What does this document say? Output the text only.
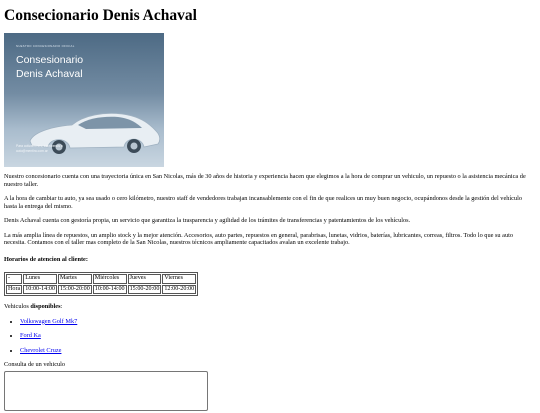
Consecionario Denis Achaval
NUESTRO CONCESIONARIO OFICIAL
Consesionario
Denis Achaval
Para cotizaciones, escríbenos a
auto@mentira.com.ar

Nuestro concesionario cuenta con una trayectoria única en San Nicolas, más de 30 años de historia y experiencia hacen que elegimos a la hora de comprar un vehiculo, un repuesto o la asistencia mecánica de nuestro taller.

A la hora de cambiar tu auto, ya sea usado o cero kilómetro, nuestro staff de vendedores trabajan incansablemente con el fin de que realices un muy buen negocio, ocupándonos desde la gestión del vehículo hasta la entrega del mismo.

Denis Achaval cuenta con gestoría propia, un servicio que garantiza la trasparencia y agilidad de los trámites de transferencias y patentamientos de los vehículos.

La más amplia línea de repuestos, un amplio stock y la mejor atención. Accesorios, auto partes, repuestos en general, parabrisas, lunetas, vidrios, baterías, lubricantes, correas, filtros. Todo lo que su auto necesita. Contamos con el taller mas completo de la San Nicolas, nuestros técnicos ampliamente capacitados avalan un excelente trabajo.

Horarios de atencion al cliente:
-	Lunes	Martes	Miércoles	Jueves	Viernes
Hora	10:00-14:00	15:00-20:00	10:00-14:00	15:00-20:00	12:00-20:00

Vehiculos disponibles:

• Volkswagen Golf Mk7
• Ford Ka
• Chevrolet Cruze
Consulta de un vehiculo
